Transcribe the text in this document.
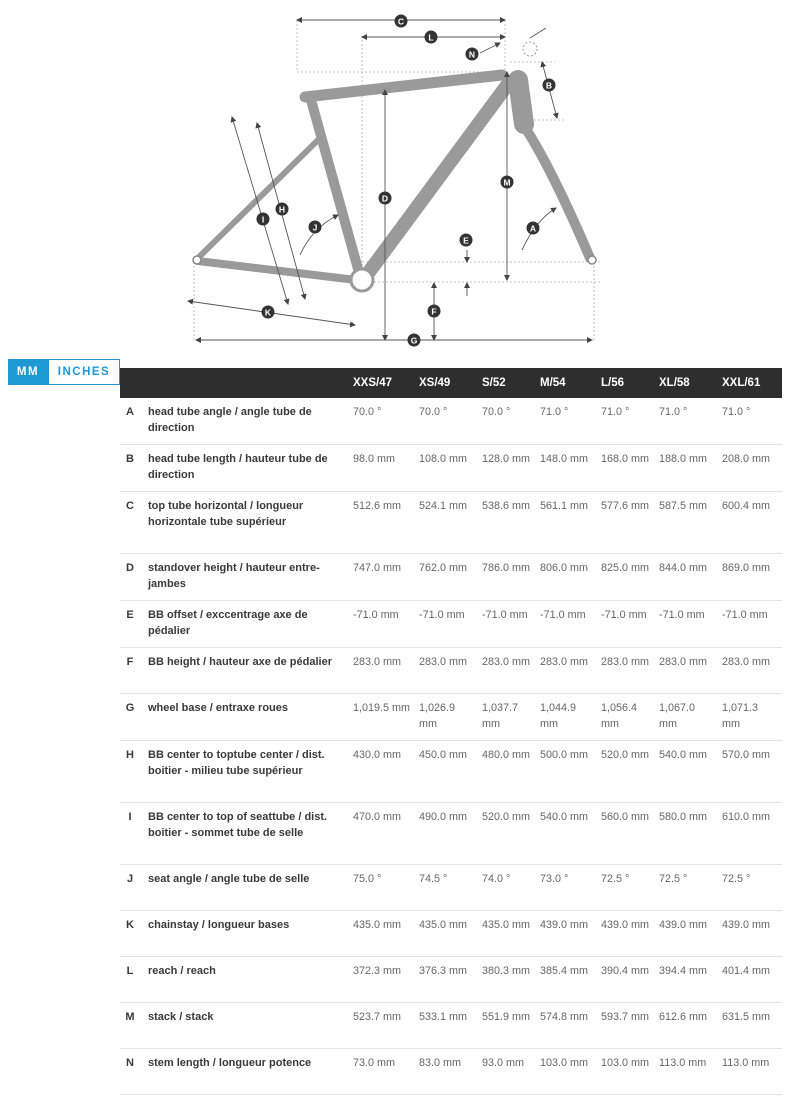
A
B
C
D
E
F
G
H
I
J
K
L
M
N
MM	INCHES
		XXS/47	XS/49	S/52	M/54	L/56	XL/58	XXL/61
A	head tube angle / angle tube de direction	70.0 °	70.0 °	70.0 °	71.0 °	71.0 °	71.0 °	71.0 °
B	head tube length / hauteur tube de direction	98.0 mm	108.0 mm	128.0 mm	148.0 mm	168.0 mm	188.0 mm	208.0 mm
C	top tube horizontal / longueur horizontale tube supérieur	512.6 mm	524.1 mm	538.6 mm	561.1 mm	577.6 mm	587.5 mm	600.4 mm
D	standover height / hauteur entre-jambes	747.0 mm	762.0 mm	786.0 mm	806.0 mm	825.0 mm	844.0 mm	869.0 mm
E	BB offset / exccentrage axe de pédalier	-71.0 mm	-71.0 mm	-71.0 mm	-71.0 mm	-71.0 mm	-71.0 mm	-71.0 mm
F	BB height / hauteur axe de pédalier	283.0 mm	283.0 mm	283.0 mm	283.0 mm	283.0 mm	283.0 mm	283.0 mm
G	wheel base / entraxe roues	1,019.5 mm	1,026.9 mm	1,037.7 mm	1,044.9 mm	1,056.4 mm	1,067.0 mm	1,071.3 mm
H	BB center to toptube center / dist. boitier - milieu tube supérieur	430.0 mm	450.0 mm	480.0 mm	500.0 mm	520.0 mm	540.0 mm	570.0 mm
I	BB center to top of seattube / dist. boitier - sommet tube de selle	470.0 mm	490.0 mm	520.0 mm	540.0 mm	560.0 mm	580.0 mm	610.0 mm
J	seat angle / angle tube de selle	75.0 °	74.5 °	74.0 °	73.0 °	72.5 °	72.5 °	72.5 °
K	chainstay / longueur bases	435.0 mm	435.0 mm	435.0 mm	439.0 mm	439.0 mm	439.0 mm	439.0 mm
L	reach / reach	372.3 mm	376.3 mm	380.3 mm	385.4 mm	390.4 mm	394.4 mm	401.4 mm
M	stack / stack	523.7 mm	533.1 mm	551.9 mm	574.8 mm	593.7 mm	612.6 mm	631.5 mm
N	stem length / longueur potence	73.0 mm	83.0 mm	93.0 mm	103.0 mm	103.0 mm	113.0 mm	113.0 mm
